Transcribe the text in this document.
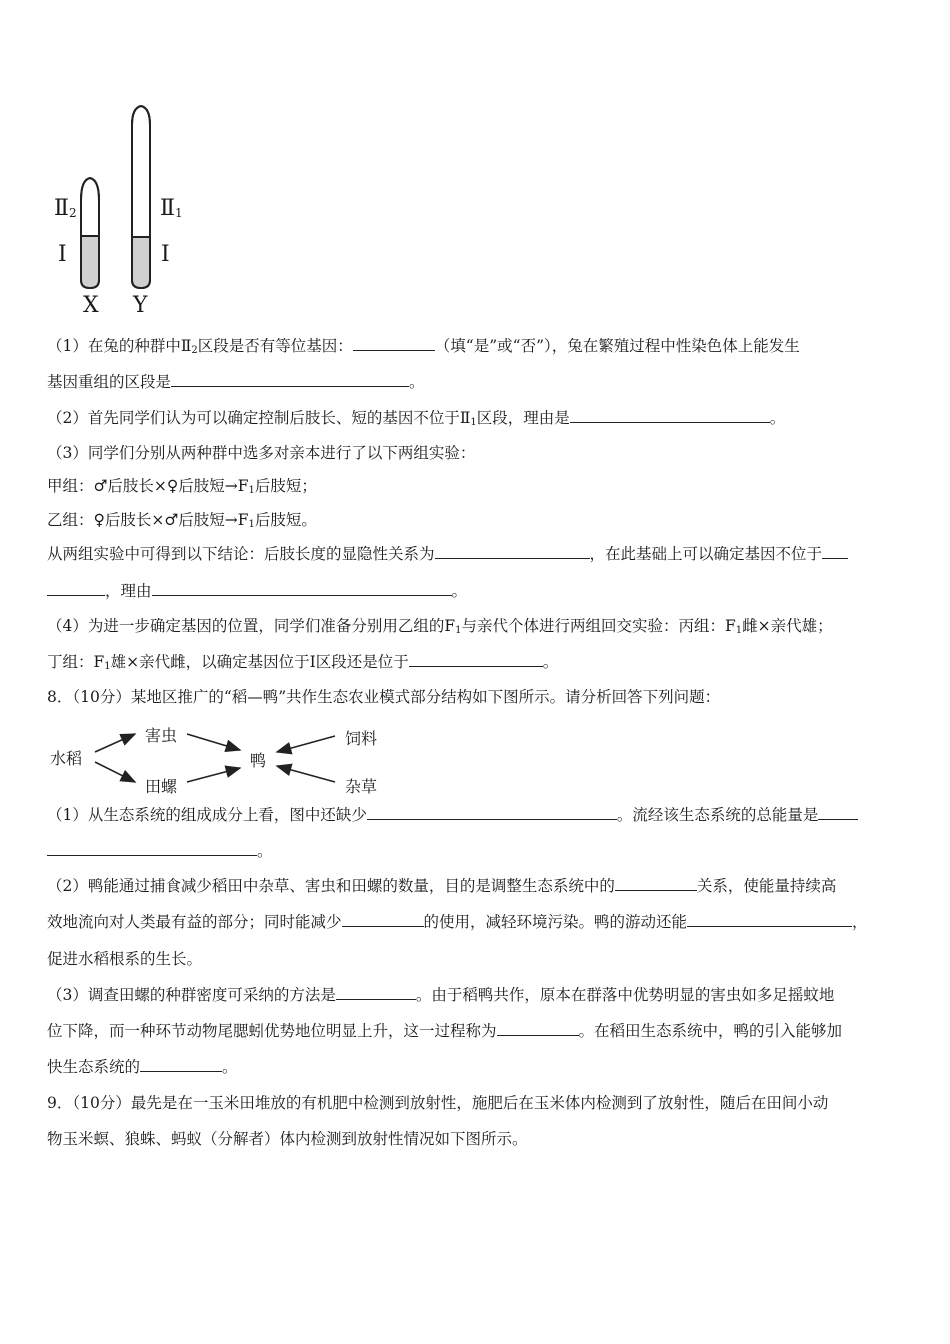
Ⅱ2
Ⅰ
Ⅱ1
Ⅰ
X Y
（1）在兔的种群中$Ⅱ_2$区段是否有等位基因：	（填“是”或“否”），兔在繁殖过程中性染色体上能发生
基因重组的区段是	。
（2）首先同学们认为可以确定控制后肢长、短的基因不位于$Ⅱ_1$区段，理由是	。
（3）同学们分别从两种群中选多对亲本进行了以下两组实验：
甲组：♂后肢长×♀后肢短$\to F_1$后肢短；
乙组：♀后肢长×♂后肢短$\to F_1$后肢短。
从两组实验中可得到以下结论：后肢长度的显隐性关系为	，在此基础上可以确定基因不位于
，理由	。
（4）为进一步确定基因的位置，同学们准备分别用乙组的$F_1$与亲代个体进行两组回交实验：丙组：$F_1$雌×亲代雄；
丁组：$F_1$雄×亲代雌，以确定基因位于Ⅰ区段还是位于	。
8．（10分）某地区推广的“稻—鸭”共作生态农业模式部分结构如下图所示。请分析回答下列问题：
水稻
害虫
田螺
鸭
饲料
杂草
（1）从生态系统的组成成分上看，图中还缺少	。流经该生态系统的总能量是
。
（2）鸭能通过捕食减少稻田中杂草、害虫和田螺的数量，目的是调整生态系统中的	关系，使能量持续高
效地流向对人类最有益的部分；同时能减少	的使用，减轻环境污染。鸭的游动还能	，
促进水稻根系的生长。
（3）调查田螺的种群密度可采纳的方法是	。由于稻鸭共作，原本在群落中优势明显的害虫如多足摇蚊地
位下降，而一种环节动物尾腮蚓优势地位明显上升，这一过程称为	。在稻田生态系统中，鸭的引入能够加
快生态系统的	。
9．（10分）最先是在一玉米田堆放的有机肥中检测到放射性，施肥后在玉米体内检测到了放射性，随后在田间小动
物玉米螟、狼蛛、蚂蚁（分解者）体内检测到放射性情况如下图所示。
